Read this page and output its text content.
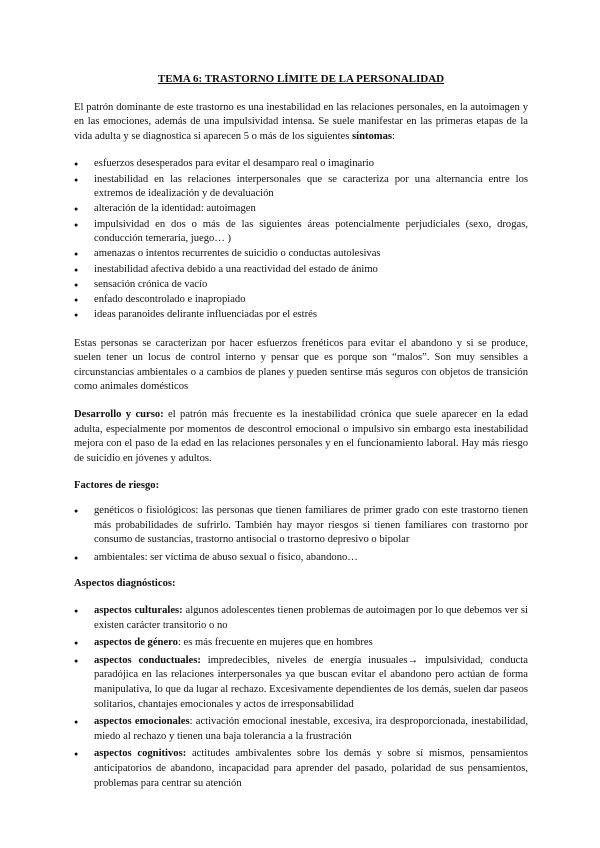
TEMA 6: TRASTORNO LÍMITE DE LA PERSONALIDAD

El patrón dominante de este trastorno es una inestabilidad en las relaciones personales, en la autoimagen y en las emociones, además de una impulsividad intensa. Se suele manifestar en las primeras etapas de la vida adulta y se diagnostica si aparecen 5 o más de los siguientes síntomas:

● esfuerzos desesperados para evitar el desamparo real o imaginario
● inestabilidad en las relaciones interpersonales que se caracteriza por una alternancia entre los extremos de idealización y de devaluación
● alteración de la identidad: autoimagen
● impulsividad en dos o más de las siguientes áreas potencialmente perjudiciales (sexo, drogas, conducción temeraria, juego… )
● amenazas o intentos recurrentes de suicidio o conductas autolesivas
● inestabilidad afectiva debido a una reactividad del estado de ánimo
● sensación crónica de vacío
● enfado descontrolado e inapropiado
● ideas paranoides delirante influenciadas por el estrés

Estas personas se caracterizan por hacer esfuerzos frenéticos para evitar el abandono y si se produce, suelen tener un locus de control interno y pensar que es porque son “malos”. Son muy sensibles a circunstancias ambientales o a cambios de planes y pueden sentirse más seguros con objetos de transición como animales domésticos

Desarrollo y curso: el patrón más frecuente es la inestabilidad crónica que suele aparecer en la edad adulta, especialmente por momentos de descontrol emocional o impulsivo sin embargo esta inestabilidad mejora con el paso de la edad en las relaciones personales y en el funcionamiento laboral. Hay más riesgo de suicidio en jóvenes y adultos.

Factores de riesgo:

● genéticos o fisiológicos: las personas que tienen familiares de primer grado con este trastorno tienen más probabilidades de sufrirlo. También hay mayor riesgos si tienen familiares con trastorno por consumo de sustancias, trastorno antisocial o trastorno depresivo o bipolar
● ambientales: ser víctima de abuso sexual o físico, abandono…

Aspectos diagnósticos:

● aspectos culturales: algunos adolescentes tienen problemas de autoimagen por lo que debemos ver si existen carácter transitorio o no
● aspectos de género: es más frecuente en mujeres que en hombres
● aspectos conductuales: impredecibles, niveles de energía inusuales→ impulsividad, conducta paradójica en las relaciones interpersonales ya que buscan evitar el abandono pero actúan de forma manipulativa, lo que da lugar al rechazo. Excesivamente dependientes de los demás, suelen dar paseos solitarios, chantajes emocionales y actos de irresponsabilidad
● aspectos emocionales: activación emocional inestable, excesiva, ira desproporcionada, inestabilidad, miedo al rechazo y tienen una baja tolerancia a la frustración
● aspectos cognitivos: actitudes ambivalentes sobre los demás y sobre sí mismos, pensamientos anticipatorios de abandono, incapacidad para aprender del pasado, polaridad de sus pensamientos, problemas para centrar su atención
